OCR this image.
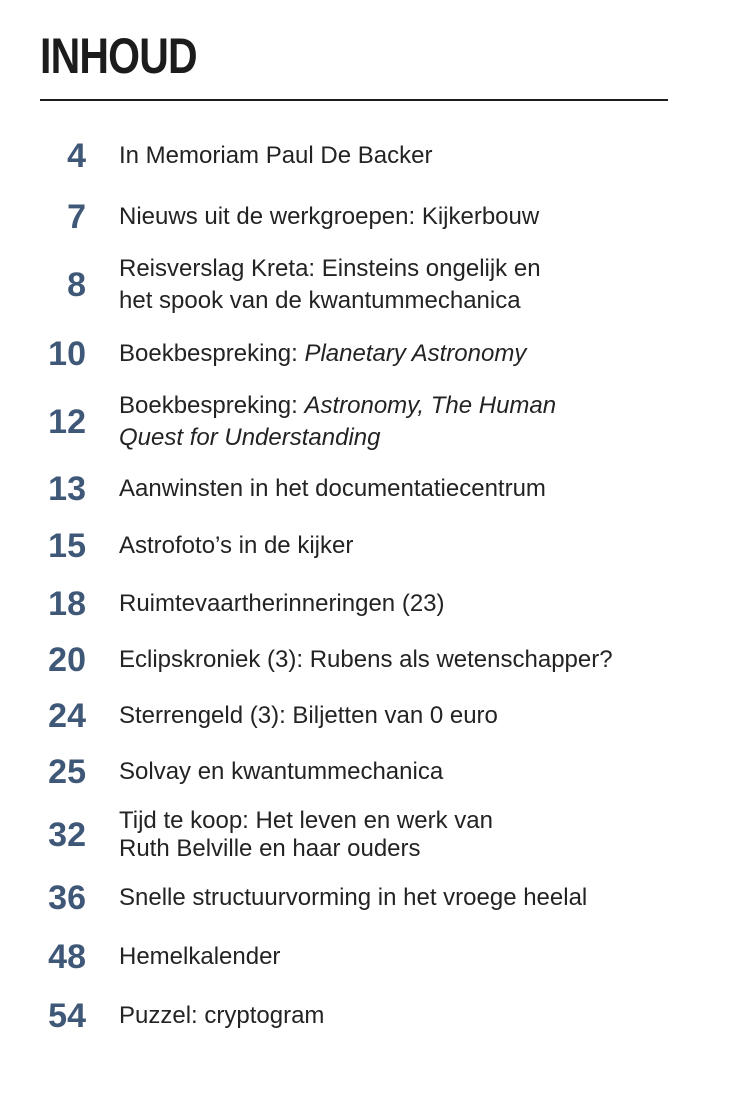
INHOUD
4 In Memoriam Paul De Backer
7 Nieuws uit de werkgroepen: Kijkerbouw
8 Reisverslag Kreta: Einsteins ongelijk en
het spook van de kwantummechanica
10 Boekbespreking: Planetary Astronomy
12 Boekbespreking: Astronomy, The Human
Quest for Understanding
13 Aanwinsten in het documentatiecentrum
15 Astrofoto’s in de kijker
18 Ruimtevaartherinneringen (23)
20 Eclipskroniek (3): Rubens als wetenschapper?
24 Sterrengeld (3): Biljetten van 0 euro
25 Solvay en kwantummechanica
32 Tijd te koop: Het leven en werk van
Ruth Belville en haar ouders
36 Snelle structuurvorming in het vroege heelal
48 Hemelkalender
54 Puzzel: cryptogram
